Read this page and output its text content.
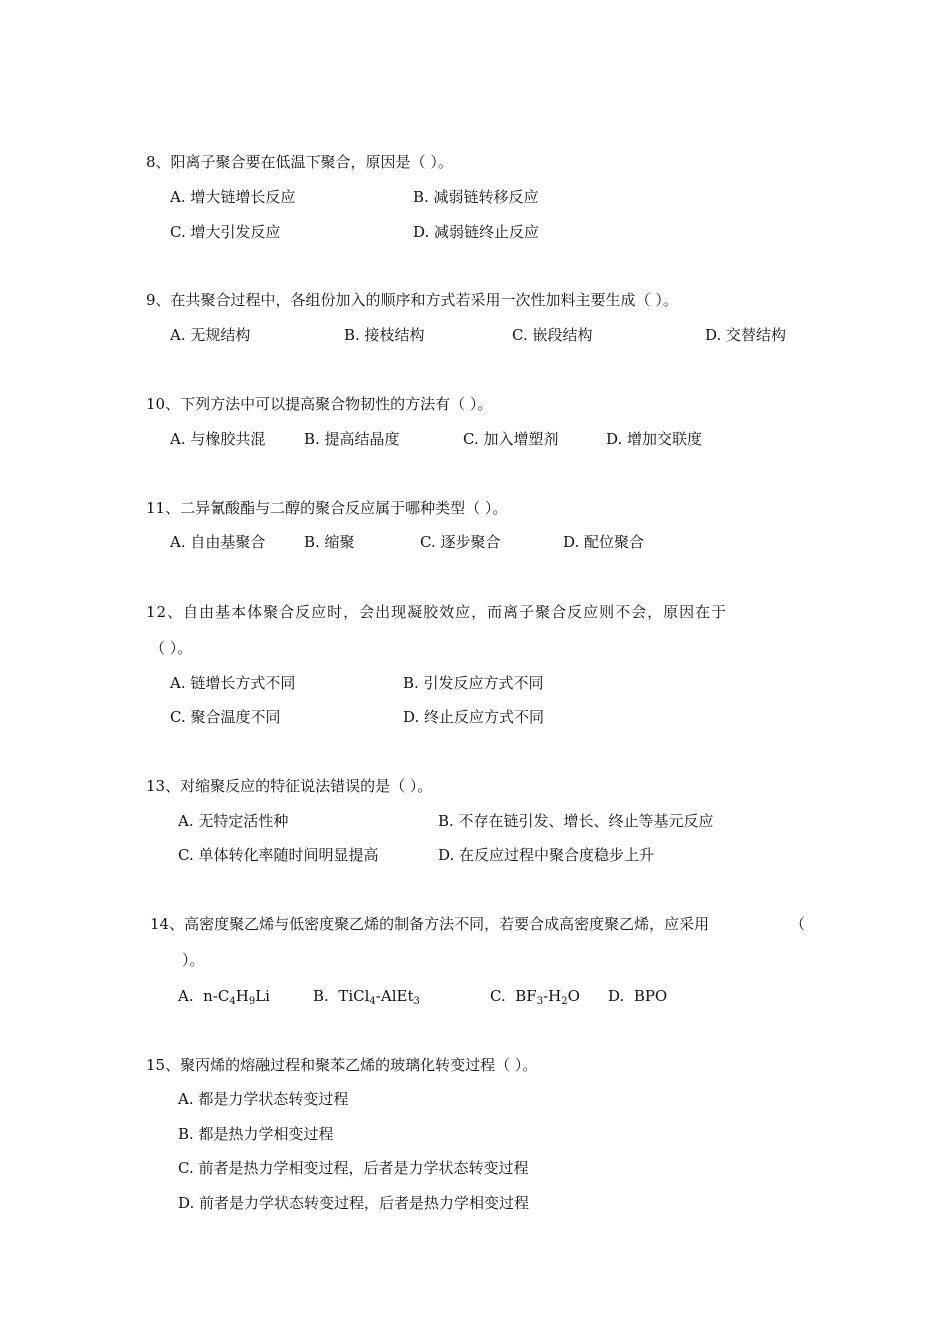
8、阳离子聚合要在低温下聚合，原因是（ ）。
A. 增大链增长反应	B. 减弱链转移反应
C. 增大引发反应	D. 减弱链终止反应
9、在共聚合过程中，各组份加入的顺序和方式若采用一次性加料主要生成（ ）。
A. 无规结构	B. 接枝结构	C. 嵌段结构	D. 交替结构
10、下列方法中可以提高聚合物韧性的方法有（ ）。
A. 与橡胶共混	B. 提高结晶度	C. 加入增塑剂	D. 增加交联度
11、二异氰酸酯与二醇的聚合反应属于哪种类型（ ）。
A. 自由基聚合	B. 缩聚	C. 逐步聚合	D. 配位聚合
12、自由基本体聚合反应时，会出现凝胶效应，而离子聚合反应则不会，原因在于
（ ）。
A. 链增长方式不同	B. 引发反应方式不同
C. 聚合温度不同	D. 终止反应方式不同
13、对缩聚反应的特征说法错误的是（ ）。
A. 无特定活性种	B. 不存在链引发、增长、终止等基元反应
C. 单体转化率随时间明显提高	D. 在反应过程中聚合度稳步上升
14、高密度聚乙烯与低密度聚乙烯的制备方法不同，若要合成高密度聚乙烯，应采用	（
）。
A. $n-C_4H_9Li$	B. TiCl$_4$-AlEt$_3$	C. $BF_3-H_2O$ D. BPO
15、聚丙烯的熔融过程和聚苯乙烯的玻璃化转变过程（ ）。
A. 都是力学状态转变过程
B. 都是热力学相变过程
C. 前者是热力学相变过程，后者是力学状态转变过程
D. 前者是力学状态转变过程，后者是热力学相变过程
